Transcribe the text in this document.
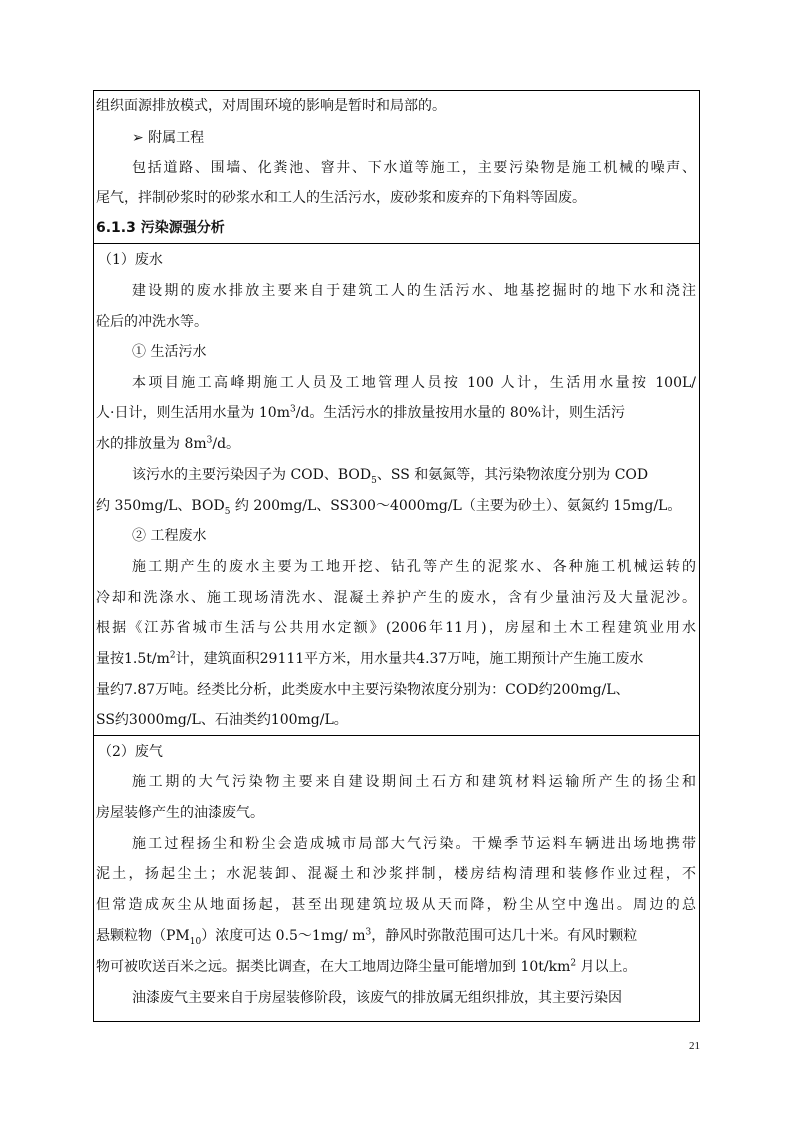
组织面源排放模式，对周围环境的影响是暂时和局部的。
➢ 附属工程
包括道路、围墙、化粪池、窨井、下水道等施工，主要污染物是施工机械的噪声、
尾气，拌制砂浆时的砂浆水和工人的生活污水，废砂浆和废弃的下角料等固废。
6.1.3 污染源强分析
（1）废水
建设期的废水排放主要来自于建筑工人的生活污水、地基挖掘时的地下水和浇注
砼后的冲洗水等。
① 生活污水
本项目施工高峰期施工人员及工地管理人员按 100 人计，生活用水量按 100L/
人·日计，则生活用水量为 $10m^3/d$。生活污水的排放量按用水量的 80%计，则生活污
水的排放量为 $8m^3/d$。
该污水的主要污染因子为 COD、$BOD_5$、SS 和氨氮等，其污染物浓度分别为 COD
约 350mg/L、$BOD_5$ 约 200mg/L、SS300～4000mg/L（主要为砂土）、氨氮约 15mg/L。
② 工程废水
施工期产生的废水主要为工地开挖、钻孔等产生的泥浆水、各种施工机械运转的
冷却和洗涤水、施工现场清洗水、混凝土养护产生的废水，含有少量油污及大量泥沙。
根据《江苏省城市生活与公共用水定额》(2006年11月)，房屋和土木工程建筑业用水
量按$1.5t/m^2$计，建筑面积29111平方米，用水量共4.37万吨，施工期预计产生施工废水
量约7.87万吨。经类比分析，此类废水中主要污染物浓度分别为：COD约200mg/L、
SS约3000mg/L、石油类约100mg/L。
（2）废气
施工期的大气污染物主要来自建设期间土石方和建筑材料运输所产生的扬尘和
房屋装修产生的油漆废气。
施工过程扬尘和粉尘会造成城市局部大气污染。干燥季节运料车辆进出场地携带
泥土，扬起尘土；水泥装卸、混凝土和沙浆拌制，楼房结构清理和装修作业过程，不
但常造成灰尘从地面扬起，甚至出现建筑垃圾从天而降，粉尘从空中逸出。周边的总
悬颗粒物$(PM_{10})$浓度可达 0.5～1mg/ $m^3$，静风时弥散范围可达几十米。有风时颗粒
物可被吹送百米之远。据类比调查，在大工地周边降尘量可能增加到 $10t/km^2$ 月以上。
油漆废气主要来自于房屋装修阶段，该废气的排放属无组织排放，其主要污染因
21
